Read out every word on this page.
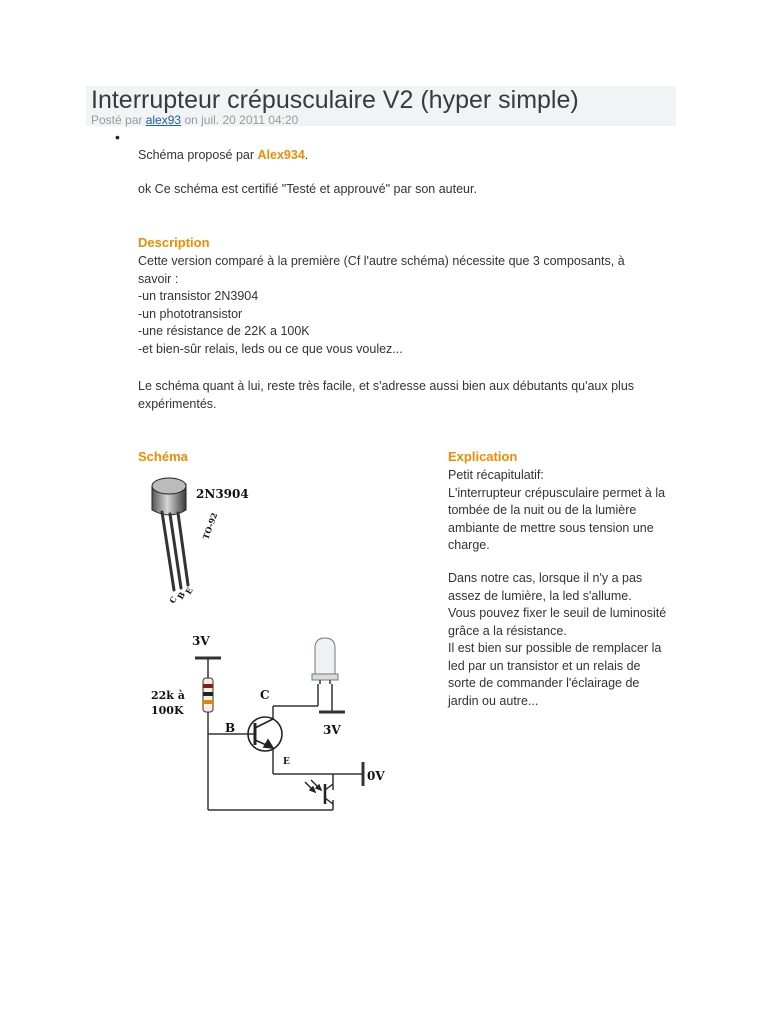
Interrupteur crépusculaire V2 (hyper simple)
Posté par alex93 on juil. 20 2011 04:20
•
Schéma proposé par Alex934.
ok Ce schéma est certifié "Testé et approuvé" par son auteur.
Description

Cette version comparé à la première (Cf l'autre schéma) nécessite que 3 composants, à

savoir :

-un transistor 2N3904

-un phototransistor

-une résistance de 22K a 100K

-et bien-sûr relais, leds ou ce que vous voulez...

Le schéma quant à lui, reste très facile, et s'adresse aussi bien aux débutants qu'aux plus

expérimentés.

Schéma
2N3904
TO-92
C
B
E
3V
22k à
100K
C
B
E
3V
0V
Explication

Petit récapitulatif:

L'interrupteur crépusculaire permet à la

tombée de la nuit ou de la lumière

ambiante de mettre sous tension une

charge.

Dans notre cas, lorsque il n'y a pas

assez de lumière, la led s'allume.

Vous pouvez fixer le seuil de luminosité

grâce a la résistance.

Il est bien sur possible de remplacer la

led par un transistor et un relais de

sorte de commander l'éclairage de

jardin ou autre...
